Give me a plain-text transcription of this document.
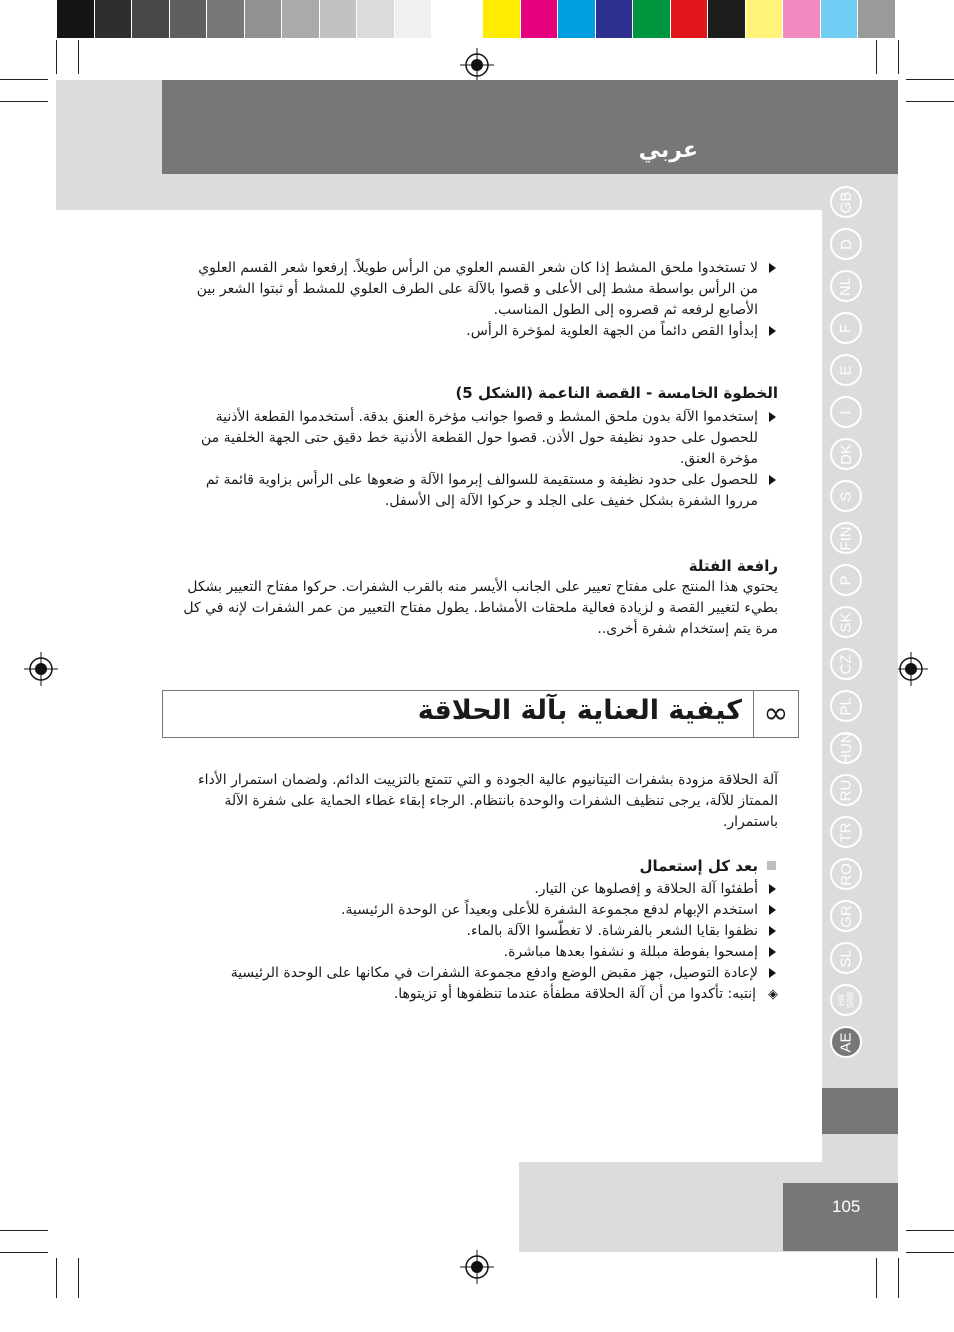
عربي
GB
D
NL
F
E
I
DK
S
FIN
P
SK
CZ
PL
HUN
RU
TR
RO
GR
SL
HR
SRB
AE
105
لا تستخدوا ملحق المشط إذا كان شعر القسم العلوي من الرأس طويلاً. إرفعوا شعر القسم العلوي من الرأس بواسطة مشط إلى الأعلى و قصوا بالآلة على الطرف العلوي للمشط أو ثبتوا الشعر بين الأصابع لرفعه ثم قصروه إلى الطول المناسب.
إبدأوا القص دائماً من الجهة العلوية لمؤخرة الرأس.
الخطوة الخامسة - القصة الناعمة (الشكل 5)
إستخدموا الآلة بدون ملحق المشط و قصوا جوانب مؤخرة العنق بدقة. أستخدموا القطعة الأذنية للحصول على حدود نظيفة حول الأذن. قصوا حول القطعة الأذنية خط دقيق حتى الجهة الخلفية من مؤخرة العنق.
للحصول على حدود نظيفة و مستقيمة للسوالف إبرموا الآلة و ضعوها على الرأس بزاوية قائمة ثم مرروا الشفرة بشكل خفيف على الجلد و حركوا الآلة إلى الأسفل.
رافعة الفتلة
يحتوي هذا المنتج على مفتاح تعيير على الجانب الأيسر منه بالقرب الشفرات. حركوا مفتاح التعيير بشكل بطيء لتغيير القصة و لزيادة فعالية ملحقات الأمشاط. يطول مفتاح التعيير من عمر الشفرات لإنه في كل مرة يتم إستخدام شفرة أخرى..
كيفية العناية بآلة الحلاقة ∞
آلة الحلاقة مزودة بشفرات التيتانيوم عالية الجودة و التي تتمتع بالتزييت الدائم. ولضمان استمرار الأداء الممتاز للآلة، يرجى تنظيف الشفرات والوحدة بانتظام. الرجاء إبقاء غطاء الحماية على شفرة الآلة باستمرار.
بعد كل إستعمال
أطفئوا آلة الحلاقة و إفصلوها عن التيار.
استخدم الإبهام لدفع مجموعة الشفرة للأعلى وبعيداً عن الوحدة الرئيسية.
نظفوا بقايا الشعر بالفرشاة. لا تغطّسوا الآلة بالماء.
إمسحوا بفوطة مبللة و نشفوا بعدها مباشرة.
لإعادة التوصيل، جهز مقبض الوضع وادفع مجموعة الشفرات في مكانها على الوحدة الرئيسية
◈
إنتبه: تأكدوا من أن آلة الحلاقة مطفأة عندما تنظفوها أو تزيتوها.
